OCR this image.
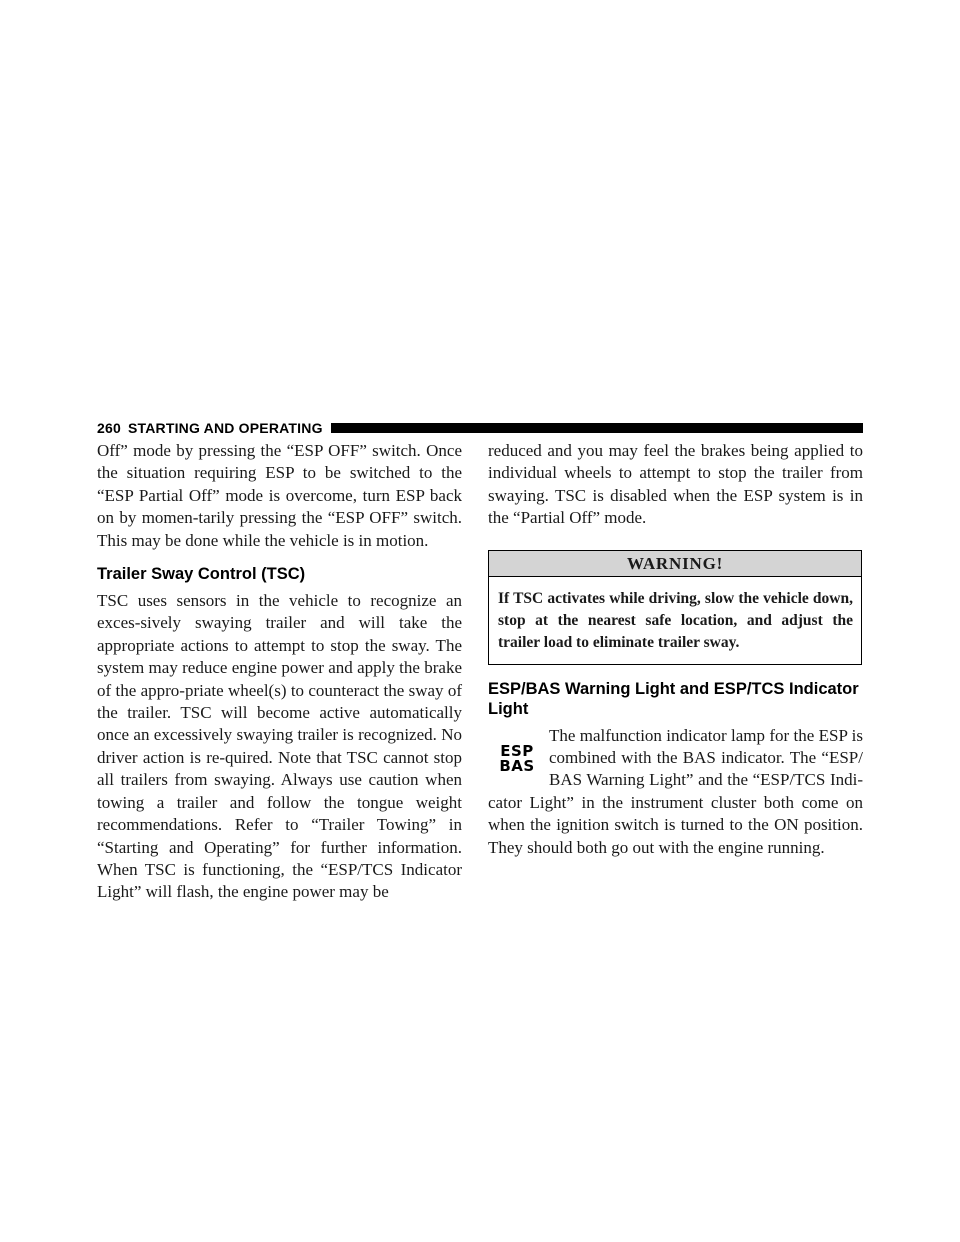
260 STARTING AND OPERATING

Off” mode by pressing the “ESP OFF” switch. Once the situation requiring ESP to be switched to the “ESP Partial Off” mode is overcome, turn ESP back on by momen-tarily pressing the “ESP OFF” switch. This may be done while the vehicle is in motion.

Trailer Sway Control (TSC)

TSC uses sensors in the vehicle to recognize an exces-sively swaying trailer and will take the appropriate actions to attempt to stop the sway. The system may reduce engine power and apply the brake of the appro-priate wheel(s) to counteract the sway of the trailer. TSC will become active automatically once an excessively swaying trailer is recognized. No driver action is re-quired. Note that TSC cannot stop all trailers from swaying. Always use caution when towing a trailer and follow the tongue weight recommendations. Refer to “Trailer Towing” in “Starting and Operating” for further information. When TSC is functioning, the “ESP/TCS Indicator Light” will flash, the engine power may be

reduced and you may feel the brakes being applied to individual wheels to attempt to stop the trailer from swaying. TSC is disabled when the ESP system is in the “Partial Off” mode.

WARNING!
If TSC activates while driving, slow the vehicle down, stop at the nearest safe location, and adjust the trailer load to eliminate trailer sway.
ESP/BAS Warning Light and ESP/TCS Indicator Light
ESP
BAS

The malfunction indicator lamp for the ESP is combined with the BAS indicator. The “ESP/ BAS Warning Light” and the “ESP/TCS Indi-cator Light” in the instrument cluster both come on when the ignition switch is turned to the ON position. They should both go out with the engine running.
